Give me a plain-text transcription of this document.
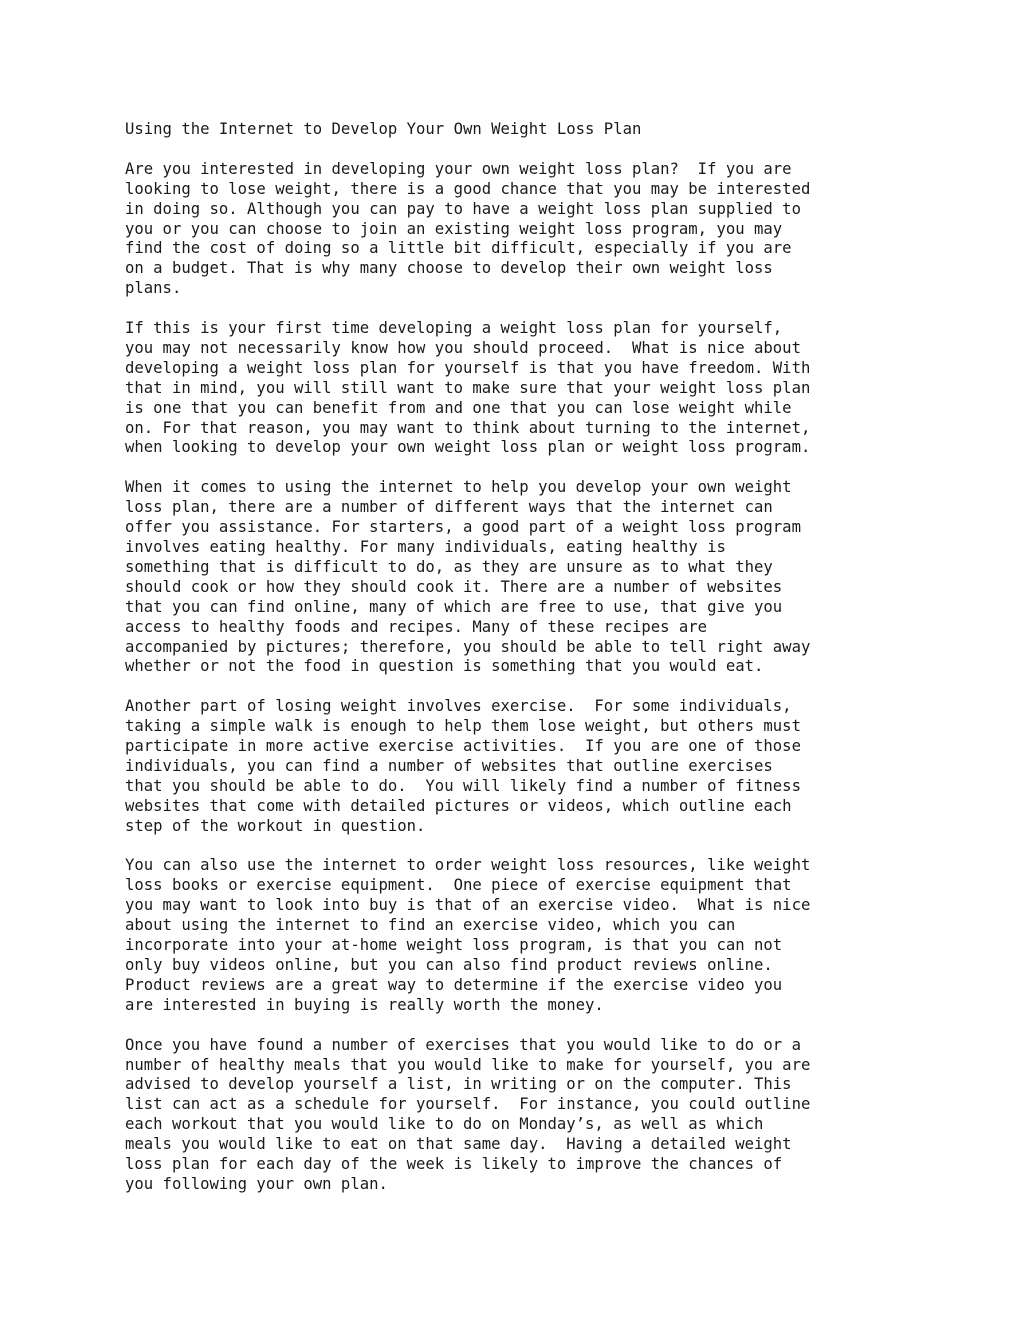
Using the Internet to Develop Your Own Weight Loss Plan
Are you interested in developing your own weight loss plan?  If you are
looking to lose weight, there is a good chance that you may be interested
in doing so. Although you can pay to have a weight loss plan supplied to
you or you can choose to join an existing weight loss program, you may
find the cost of doing so a little bit difficult, especially if you are
on a budget. That is why many choose to develop their own weight loss
plans.
If this is your first time developing a weight loss plan for yourself,
you may not necessarily know how you should proceed.  What is nice about
developing a weight loss plan for yourself is that you have freedom. With
that in mind, you will still want to make sure that your weight loss plan
is one that you can benefit from and one that you can lose weight while
on. For that reason, you may want to think about turning to the internet,
when looking to develop your own weight loss plan or weight loss program.
When it comes to using the internet to help you develop your own weight
loss plan, there are a number of different ways that the internet can
offer you assistance. For starters, a good part of a weight loss program
involves eating healthy. For many individuals, eating healthy is
something that is difficult to do, as they are unsure as to what they
should cook or how they should cook it. There are a number of websites
that you can find online, many of which are free to use, that give you
access to healthy foods and recipes. Many of these recipes are
accompanied by pictures; therefore, you should be able to tell right away
whether or not the food in question is something that you would eat.
Another part of losing weight involves exercise.  For some individuals,
taking a simple walk is enough to help them lose weight, but others must
participate in more active exercise activities.  If you are one of those
individuals, you can find a number of websites that outline exercises
that you should be able to do.  You will likely find a number of fitness
websites that come with detailed pictures or videos, which outline each
step of the workout in question.
You can also use the internet to order weight loss resources, like weight
loss books or exercise equipment.  One piece of exercise equipment that
you may want to look into buy is that of an exercise video.  What is nice
about using the internet to find an exercise video, which you can
incorporate into your at-home weight loss program, is that you can not
only buy videos online, but you can also find product reviews online.
Product reviews are a great way to determine if the exercise video you
are interested in buying is really worth the money.
Once you have found a number of exercises that you would like to do or a
number of healthy meals that you would like to make for yourself, you are
advised to develop yourself a list, in writing or on the computer. This
list can act as a schedule for yourself.  For instance, you could outline
each workout that you would like to do on Monday’s, as well as which
meals you would like to eat on that same day.  Having a detailed weight
loss plan for each day of the week is likely to improve the chances of
you following your own plan.
